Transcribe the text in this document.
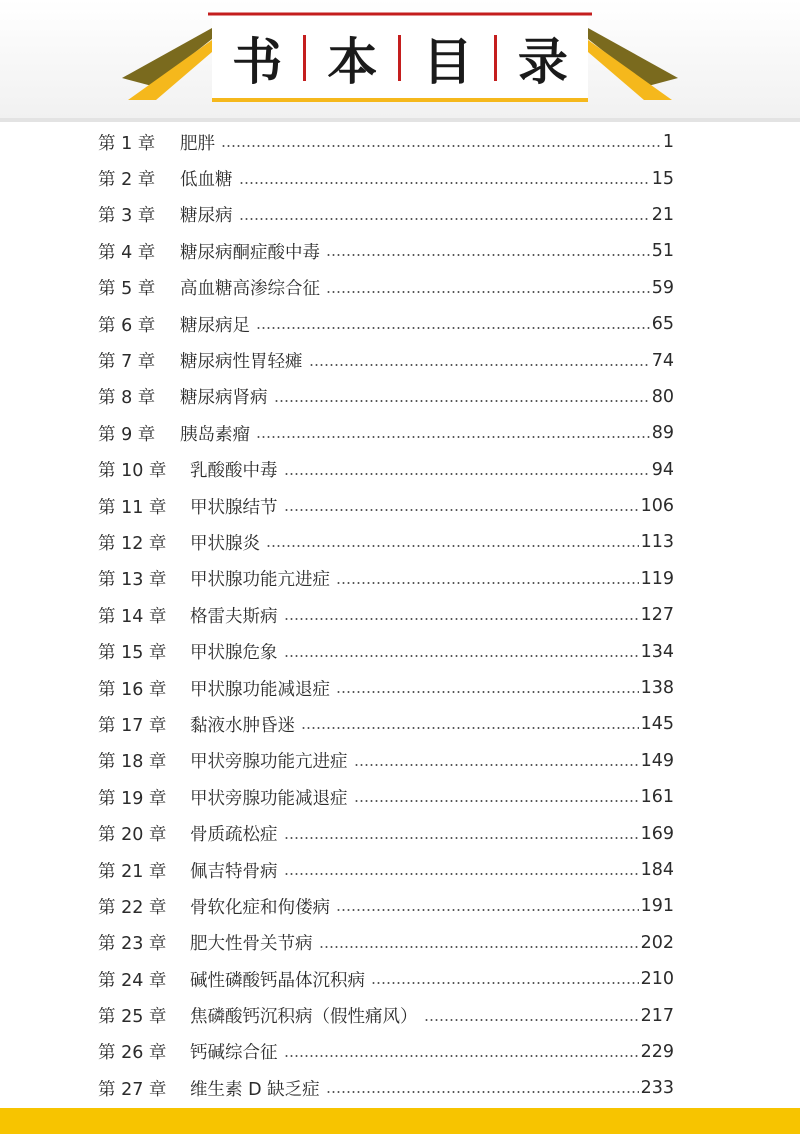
书 本 目 录
第 1 章	肥胖	1
第 2 章	低血糖	15
第 3 章	糖尿病	21
第 4 章	糖尿病酮症酸中毒	51
第 5 章	高血糖高渗综合征	59
第 6 章	糖尿病足	65
第 7 章	糖尿病性胃轻瘫	74
第 8 章	糖尿病肾病	80
第 9 章	胰岛素瘤	89
第 10 章	乳酸酸中毒	94
第 11 章	甲状腺结节	106
第 12 章	甲状腺炎	113
第 13 章	甲状腺功能亢进症	119
第 14 章	格雷夫斯病	127
第 15 章	甲状腺危象	134
第 16 章	甲状腺功能减退症	138
第 17 章	黏液水肿昏迷	145
第 18 章	甲状旁腺功能亢进症	149
第 19 章	甲状旁腺功能减退症	161
第 20 章	骨质疏松症	169
第 21 章	佩吉特骨病	184
第 22 章	骨软化症和佝偻病	191
第 23 章	肥大性骨关节病	202
第 24 章	碱性磷酸钙晶体沉积病	210
第 25 章	焦磷酸钙沉积病（假性痛风）	217
第 26 章	钙碱综合征	229
第 27 章	维生素 D 缺乏症	233
